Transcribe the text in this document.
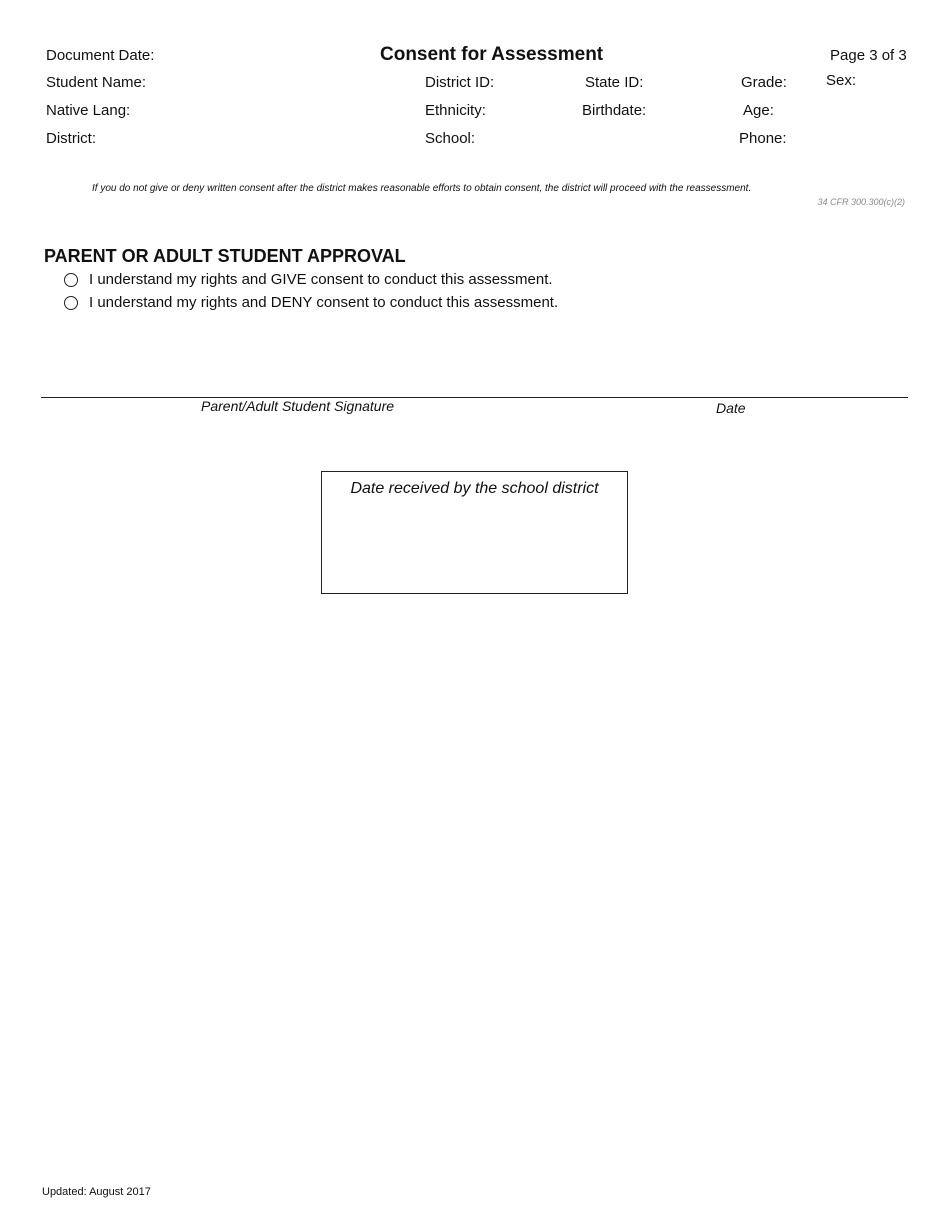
Document Date:	Consent for Assessment	Page 3 of 3
Student Name:	District ID:	State ID:	Grade:	Sex:
Native Lang:	Ethnicity:	Birthdate:	Age:
District:	School:	Phone:
If you do not give or deny written consent after the district makes reasonable efforts to obtain consent, the district will proceed with the reassessment.
34 CFR 300.300(c)(2)
PARENT OR ADULT STUDENT APPROVAL
I understand my rights and GIVE consent to conduct this assessment.
I understand my rights and DENY consent to conduct this assessment.
Parent/Adult Student Signature	Date
Date received by the school district
Updated: August 2017
